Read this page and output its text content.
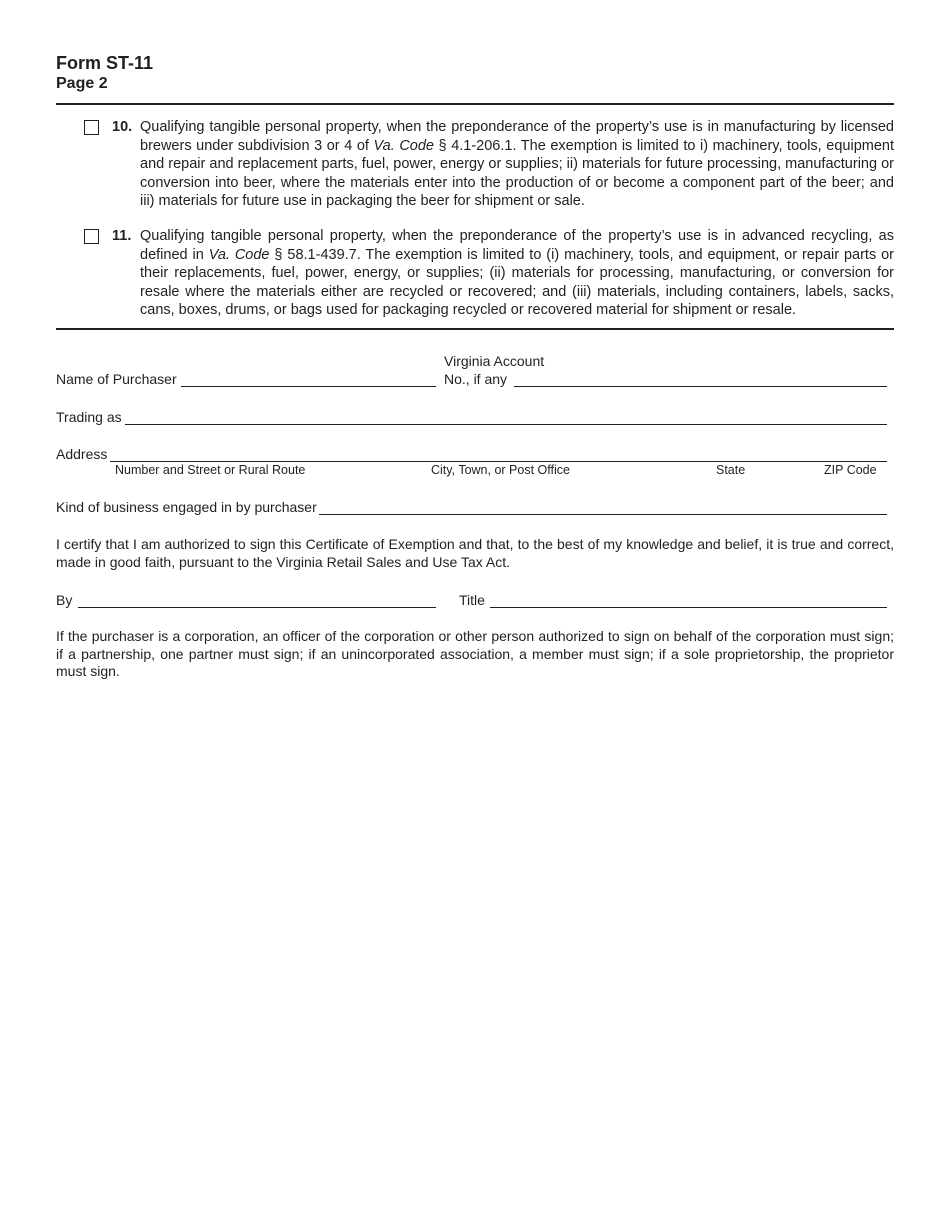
Form ST-11
Page 2
10. Qualifying tangible personal property, when the preponderance of the property’s use is in manufacturing by licensed brewers under subdivision 3 or 4 of Va. Code § 4.1-206.1. The exemption is limited to i) machinery, tools, equipment and repair and replacement parts, fuel, power, energy or supplies; ii) materials for future processing, manufacturing or conversion into beer, where the materials enter into the production of or become a component part of the beer; and iii) materials for future use in packaging the beer for shipment or sale.
11. Qualifying tangible personal property, when the preponderance of the property’s use is in advanced recycling, as defined in Va. Code § 58.1-439.7. The exemption is limited to (i) machinery, tools, and equipment, or repair parts or their replacements, fuel, power, energy, or supplies; (ii) materials for processing, manufacturing, or conversion for resale where the materials either are recycled or recovered; and (iii) materials, including containers, labels, sacks, cans, boxes, drums, or bags used for packaging recycled or recovered material for shipment or resale.
Name of Purchaser
Virginia Account
No., if any
Trading as
Address
Number and Street or Rural Route	City, Town, or Post Office	State	ZIP Code
Kind of business engaged in by purchaser
I certify that I am authorized to sign this Certificate of Exemption and that, to the best of my knowledge and belief, it is true and correct, made in good faith, pursuant to the Virginia Retail Sales and Use Tax Act.
By	Title
If the purchaser is a corporation, an officer of the corporation or other person authorized to sign on behalf of the corporation must sign; if a partnership, one partner must sign; if an unincorporated association, a member must sign; if a sole proprietorship, the proprietor must sign.
